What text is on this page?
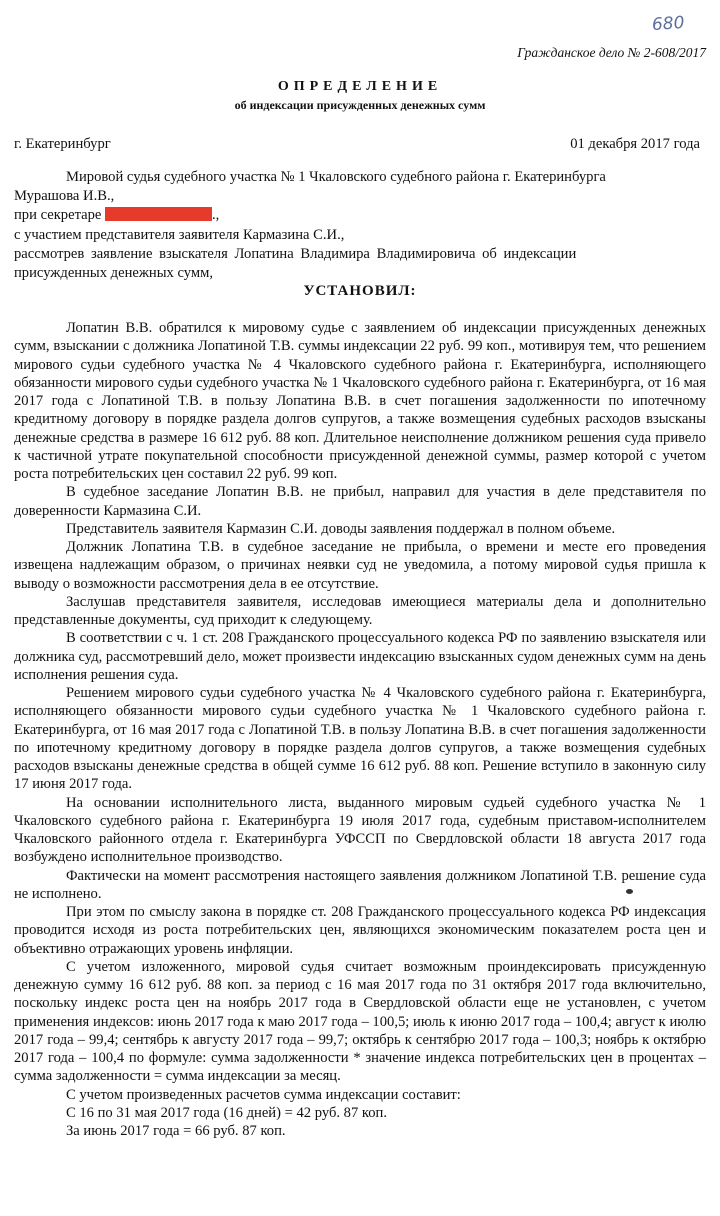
680
Гражданское дело № 2-608/2017
ОПРЕДЕЛЕНИЕ
об индексации присужденных денежных сумм
г. Екатеринбург	01 декабря 2017 года
Мировой судья судебного участка № 1 Чкаловского судебного района г. Екатеринбурга
Мурашова И.В.,
при секретаре	.,
с участием представителя заявителя Кармазина С.И.,
рассмотрев заявление взыскателя Лопатина Владимира Владимировича об индексации
присужденных денежных сумм,
УСТАНОВИЛ:

Лопатин В.В. обратился к мировому судье с заявлением об индексации присужденных денежных сумм, взыскании с должника Лопатиной Т.В. суммы индексации 22 руб. 99 коп., мотивируя тем, что решением мирового судьи судебного участка № 4 Чкаловского судебного района г. Екатеринбурга, исполняющего обязанности мирового судьи судебного участка № 1 Чкаловского судебного района г. Екатеринбурга, от 16 мая 2017 года с Лопатиной Т.В. в пользу Лопатина В.В. в счет погашения задолженности по ипотечному кредитному договору в порядке раздела долгов супругов, а также возмещения судебных расходов взысканы денежные средства в размере 16 612 руб. 88 коп. Длительное неисполнение должником решения суда привело к частичной утрате покупательной способности присужденной денежной суммы, размер которой с учетом роста потребительских цен составил 22 руб. 99 коп.

В судебное заседание Лопатин В.В. не прибыл, направил для участия в деле представителя по доверенности Кармазина С.И.

Представитель заявителя Кармазин С.И. доводы заявления поддержал в полном объеме.

Должник Лопатина Т.В. в судебное заседание не прибыла, о времени и месте его проведения извещена надлежащим образом, о причинах неявки суд не уведомила, а потому мировой судья пришла к выводу о возможности рассмотрения дела в ее отсутствие.

Заслушав представителя заявителя, исследовав имеющиеся материалы дела и дополнительно представленные документы, суд приходит к следующему.

В соответствии с ч. 1 ст. 208 Гражданского процессуального кодекса РФ по заявлению взыскателя или должника суд, рассмотревший дело, может произвести индексацию взысканных судом денежных сумм на день исполнения решения суда.

Решением мирового судьи судебного участка № 4 Чкаловского судебного района г. Екатеринбурга, исполняющего обязанности мирового судьи судебного участка № 1 Чкаловского судебного района г. Екатеринбурга, от 16 мая 2017 года с Лопатиной Т.В. в пользу Лопатина В.В. в счет погашения задолженности по ипотечному кредитному договору в порядке раздела долгов супругов, а также возмещения судебных расходов взысканы денежные средства в общей сумме 16 612 руб. 88 коп. Решение вступило в законную силу 17 июня 2017 года.

На основании исполнительного листа, выданного мировым судьей судебного участка № 1 Чкаловского судебного района г. Екатеринбурга 19 июля 2017 года, судебным приставом-исполнителем Чкаловского районного отдела г. Екатеринбурга УФССП по Свердловской области 18 августа 2017 года возбуждено исполнительное производство.

Фактически на момент рассмотрения настоящего заявления должником Лопатиной Т.В. решение суда не исполнено.

При этом по смыслу закона в порядке ст. 208 Гражданского процессуального кодекса РФ индексация проводится исходя из роста потребительских цен, являющихся экономическим показателем роста цен и объективно отражающих уровень инфляции.

С учетом изложенного, мировой судья считает возможным проиндексировать присужденную денежную сумму 16 612 руб. 88 коп. за период с 16 мая 2017 года по 31 октября 2017 года включительно, поскольку индекс роста цен на ноябрь 2017 года в Свердловской области еще не установлен, с учетом применения индексов: июнь 2017 года к маю 2017 года – 100,5; июль к июню 2017 года – 100,4; август к июлю 2017 года – 99,4; сентябрь к августу 2017 года – 99,7; октябрь к сентябрю 2017 года – 100,3; ноябрь к октябрю 2017 года – 100,4 по формуле: сумма задолженности * значение индекса потребительских цен в процентах – сумма задолженности = сумма индексации за месяц.

С учетом произведенных расчетов сумма индексации составит:

С 16 по 31 мая 2017 года (16 дней) = 42 руб. 87 коп.

За июнь 2017 года = 66 руб. 87 коп.
